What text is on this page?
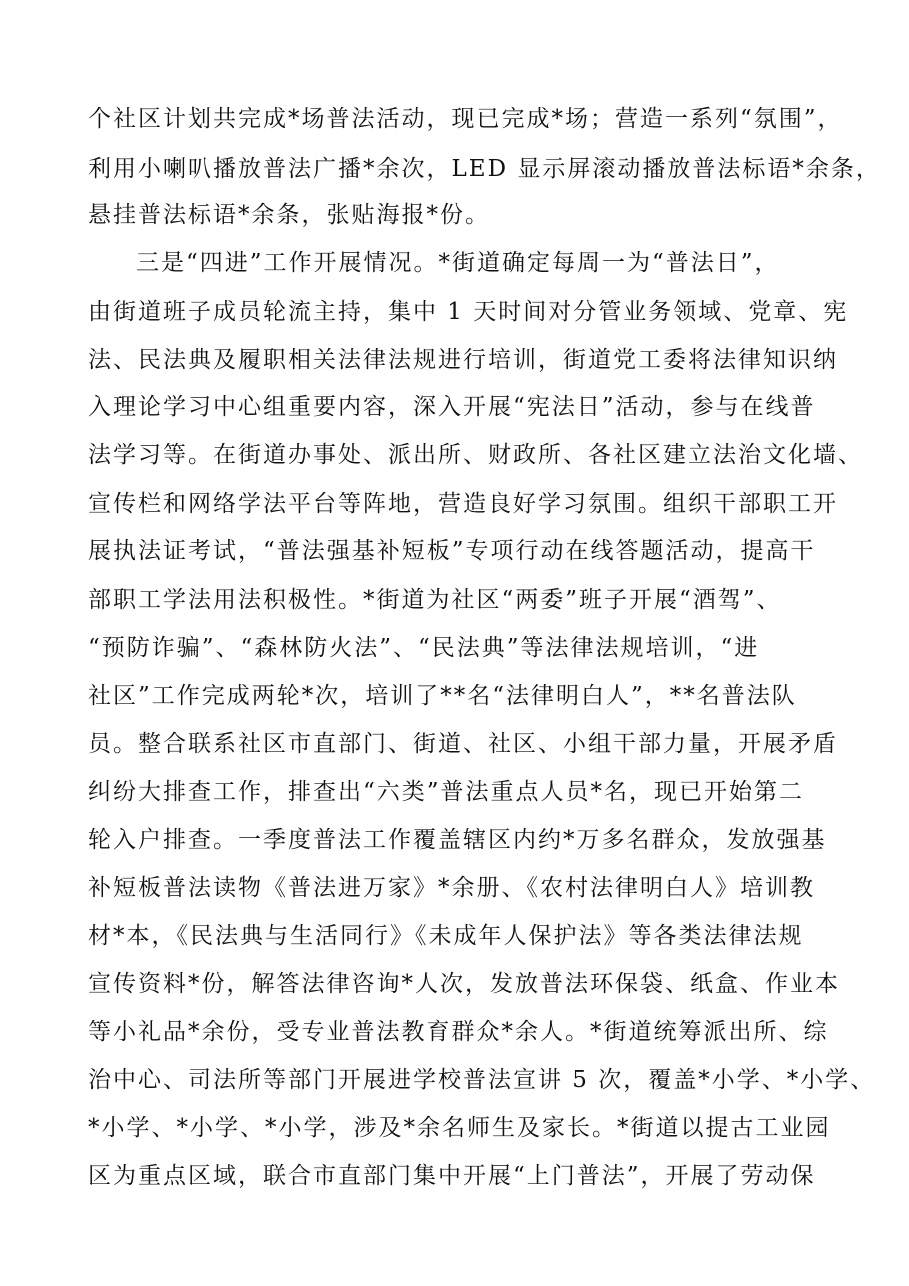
个社区计划共完成*场普法活动，现已完成*场；营造一系列“氛围”，
利用小喇叭播放普法广播*余次，LED 显示屏滚动播放普法标语*余条，
悬挂普法标语*余条，张贴海报*份。
三是“四进”工作开展情况。*街道确定每周一为“普法日”，
由街道班子成员轮流主持，集中 1 天时间对分管业务领域、党章、宪
法、民法典及履职相关法律法规进行培训，街道党工委将法律知识纳
入理论学习中心组重要内容，深入开展“宪法日”活动，参与在线普
法学习等。在街道办事处、派出所、财政所、各社区建立法治文化墙、
宣传栏和网络学法平台等阵地，营造良好学习氛围。组织干部职工开
展执法证考试，“普法强基补短板”专项行动在线答题活动，提高干
部职工学法用法积极性。*街道为社区“两委”班子开展“酒驾”、
“预防诈骗”、“森林防火法”、“民法典”等法律法规培训，“进
社区”工作完成两轮*次，培训了**名“法律明白人”，**名普法队
员。整合联系社区市直部门、街道、社区、小组干部力量，开展矛盾
纠纷大排查工作，排查出“六类”普法重点人员*名，现已开始第二
轮入户排查。一季度普法工作覆盖辖区内约*万多名群众，发放强基
补短板普法读物《普法进万家》*余册、《农村法律明白人》培训教
材*本，《民法典与生活同行》《未成年人保护法》等各类法律法规
宣传资料*份，解答法律咨询*人次，发放普法环保袋、纸盒、作业本
等小礼品*余份，受专业普法教育群众*余人。*街道统筹派出所、综
治中心、司法所等部门开展进学校普法宣讲 5 次，覆盖*小学、*小学、
*小学、*小学、*小学，涉及*余名师生及家长。*街道以提古工业园
区为重点区域，联合市直部门集中开展“上门普法”，开展了劳动保
